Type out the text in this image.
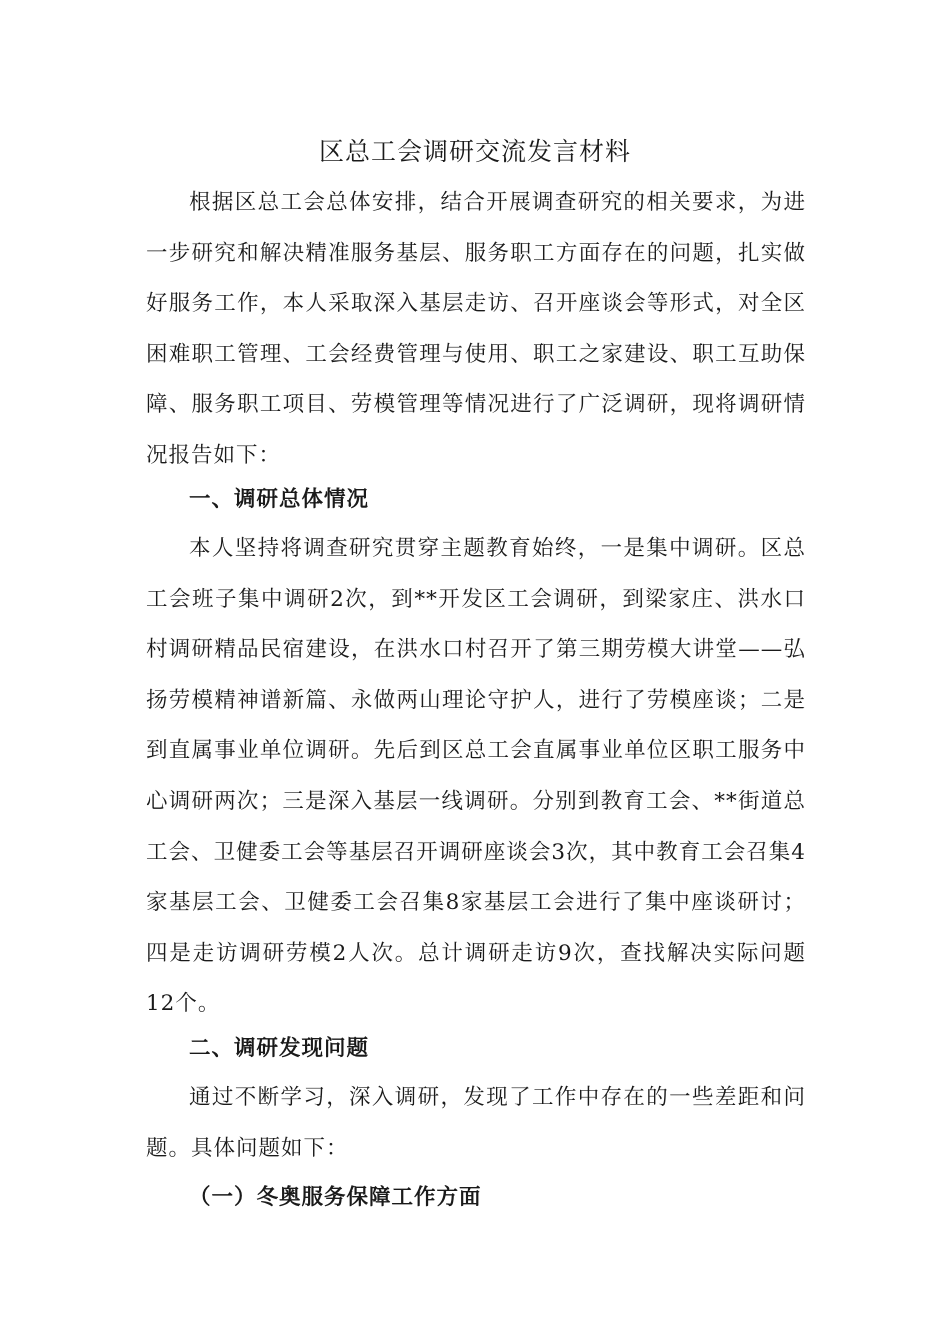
区总工会调研交流发言材料

根据区总工会总体安排，结合开展调查研究的相关要求，为进一步研究和解决精准服务基层、服务职工方面存在的问题，扎实做好服务工作，本人采取深入基层走访、召开座谈会等形式，对全区困难职工管理、工会经费管理与使用、职工之家建设、职工互助保障、服务职工项目、劳模管理等情况进行了广泛调研，现将调研情况报告如下：

一、调研总体情况

本人坚持将调查研究贯穿主题教育始终，一是集中调研。区总工会班子集中调研2次，到**开发区工会调研，到梁家庄、洪水口村调研精品民宿建设，在洪水口村召开了第三期劳模大讲堂——弘扬劳模精神谱新篇、永做两山理论守护人，进行了劳模座谈；二是到直属事业单位调研。先后到区总工会直属事业单位区职工服务中心调研两次；三是深入基层一线调研。分别到教育工会、**街道总工会、卫健委工会等基层召开调研座谈会3次，其中教育工会召集4家基层工会、卫健委工会召集8家基层工会进行了集中座谈研讨；四是走访调研劳模2人次。总计调研走访9次，查找解决实际问题12个。

二、调研发现问题

通过不断学习，深入调研，发现了工作中存在的一些差距和问题。具体问题如下：

（一）冬奥服务保障工作方面
